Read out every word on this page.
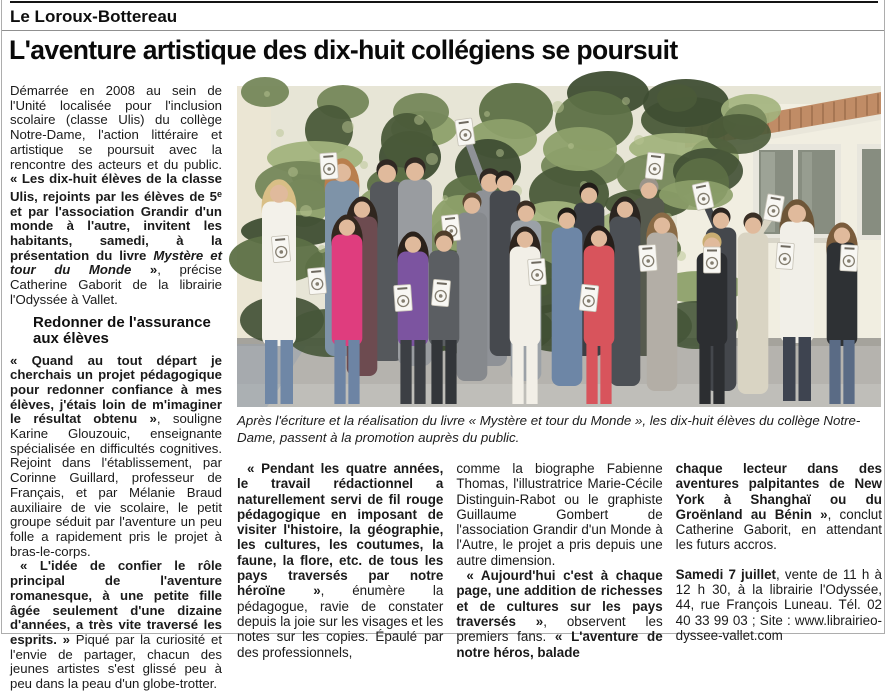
Le Loroux-Bottereau
L'aventure artistique des dix-huit collégiens se poursuit

Démarrée en 2008 au sein de l'Unité localisée pour l'inclusion scolaire (classe Ulis) du collège Notre-Dame, l'action littéraire et artistique se poursuit avec la rencontre des acteurs et du public. « Les dix-huit élèves de la classe Ulis, rejoints par les élèves de 5e et par l'association Grandir d'un monde à l'autre, invitent les habitants, samedi, à la présentation du livre Mystère et tour du Monde », précise Catherine Gaborit de la librairie l'Odyssée à Vallet.

Redonner de l'assurance aux élèves

« Quand au tout départ je cherchais un projet pédagogique pour redonner confiance à mes élèves, j'étais loin de m'imaginer le résultat obtenu », souligne Karine Glouzouic, enseignante spécialisée en difficultés cognitives. Rejoint dans l'établissement, par Corinne Guillard, professeur de Français, et par Mélanie Braud auxiliaire de vie scolaire, le petit groupe séduit par l'aventure un peu folle a rapidement pris le projet à bras-le-corps.

« L'idée de confier le rôle principal de l'aventure romanesque, à une petite fille âgée seulement d'une dizaine d'années, a très vite traversé les esprits. » Piqué par la curiosité et l'envie de partager, chacun des jeunes artistes s'est glissé peu à peu dans la peau d'un globe-trotter.

Après l'écriture et la réalisation du livre « Mystère et tour du Monde », les dix-huit élèves du collège Notre-Dame, passent à la promotion auprès du public.

« Pendant les quatre années, le travail rédactionnel a naturellement servi de fil rouge pédagogique en imposant de visiter l'histoire, la géographie, les cultures, les coutumes, la faune, la flore, etc. de tous les pays traversés par notre héroïne », énumère la pédagogue, ravie de constater depuis la joie sur les visages et les notes sur les copies. Épaulé par des professionnels,

comme la biographe Fabienne Thomas, l'illustratrice Marie-Cécile Distinguin-Rabot ou le graphiste Guillaume Gombert de l'association Grandir d'un Monde à l'Autre, le projet a pris depuis une autre dimension.

« Aujourd'hui c'est à chaque page, une addition de richesses et de cultures sur les pays traversés », observent les premiers fans. « L'aventure de notre héros, balade

chaque lecteur dans des aventures palpitantes de New York à Shanghaï ou du Groënland au Bénin », conclut Catherine Gaborit, en attendant les futurs accros.

Samedi 7 juillet, vente de 11 h à 12 h 30, à la librairie l'Odyssée, 44, rue François Luneau. Tél. 02 40 33 99 03 ; Site : www.librairieo-dyssee-vallet.com
